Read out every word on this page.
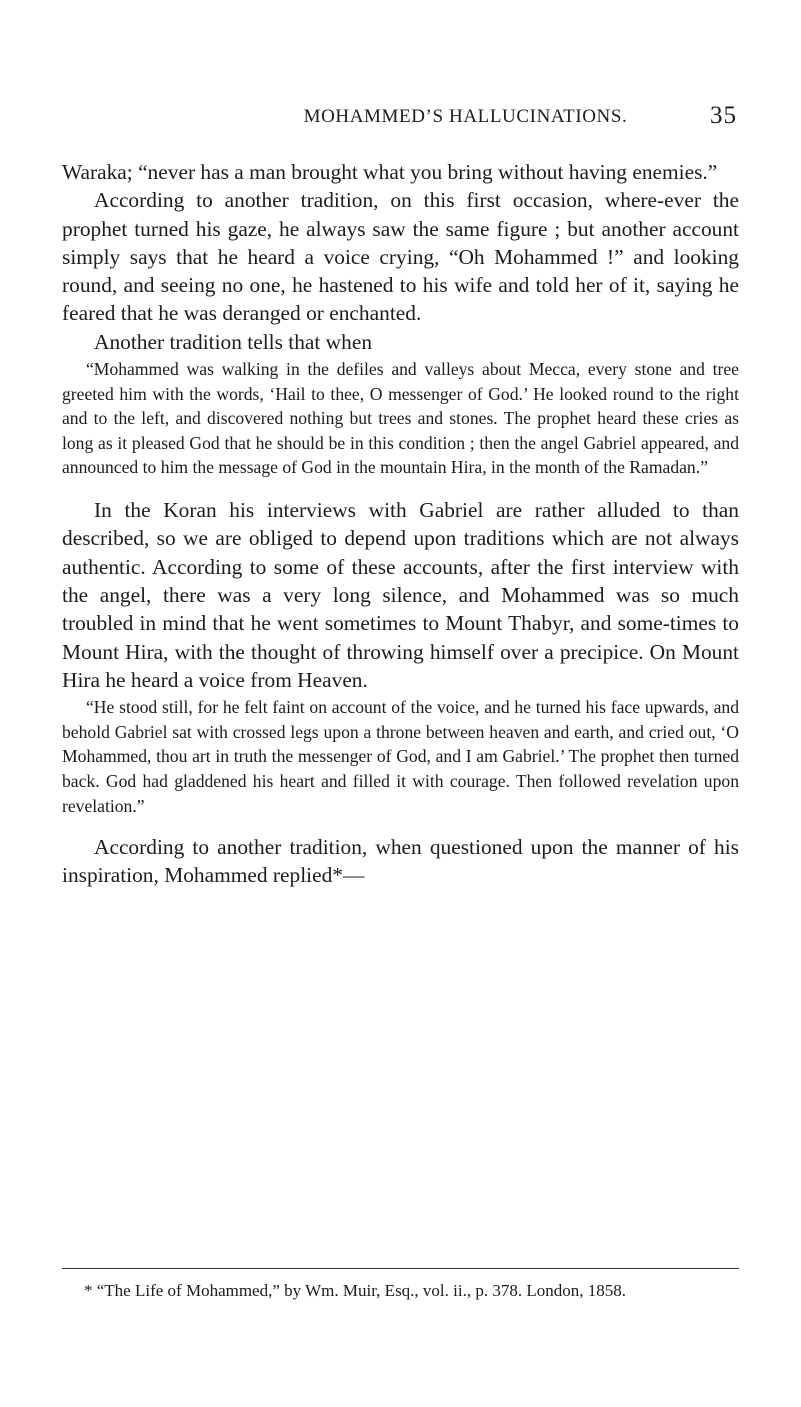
MOHAMMED’S HALLUCINATIONS.	35

Waraka; “never has a man brought what you bring without having enemies.”

According to another tradition, on this first occasion, where-ever the prophet turned his gaze, he always saw the same figure ; but another account simply says that he heard a voice crying, “Oh Mohammed !” and looking round, and seeing no one, he hastened to his wife and told her of it, saying he feared that he was deranged or enchanted.

Another tradition tells that when

“Mohammed was walking in the defiles and valleys about Mecca, every stone and tree greeted him with the words, ‘Hail to thee, O messenger of God.’ He looked round to the right and to the left, and discovered nothing but trees and stones. The prophet heard these cries as long as it pleased God that he should be in this condition ; then the angel Gabriel appeared, and announced to him the message of God in the mountain Hira, in the month of the Ramadan.”

In the Koran his interviews with Gabriel are rather alluded to than described, so we are obliged to depend upon traditions which are not always authentic. According to some of these accounts, after the first interview with the angel, there was a very long silence, and Mohammed was so much troubled in mind that he went sometimes to Mount Thabyr, and some-times to Mount Hira, with the thought of throwing himself over a precipice. On Mount Hira he heard a voice from Heaven.

“He stood still, for he felt faint on account of the voice, and he turned his face upwards, and behold Gabriel sat with crossed legs upon a throne between heaven and earth, and cried out, ‘O Mohammed, thou art in truth the messenger of God, and I am Gabriel.’ The prophet then turned back. God had gladdened his heart and filled it with courage. Then followed revelation upon revelation.”

According to another tradition, when questioned upon the manner of his inspiration, Mohammed replied*—

* “The Life of Mohammed,” by Wm. Muir, Esq., vol. ii., p. 378. London, 1858.
